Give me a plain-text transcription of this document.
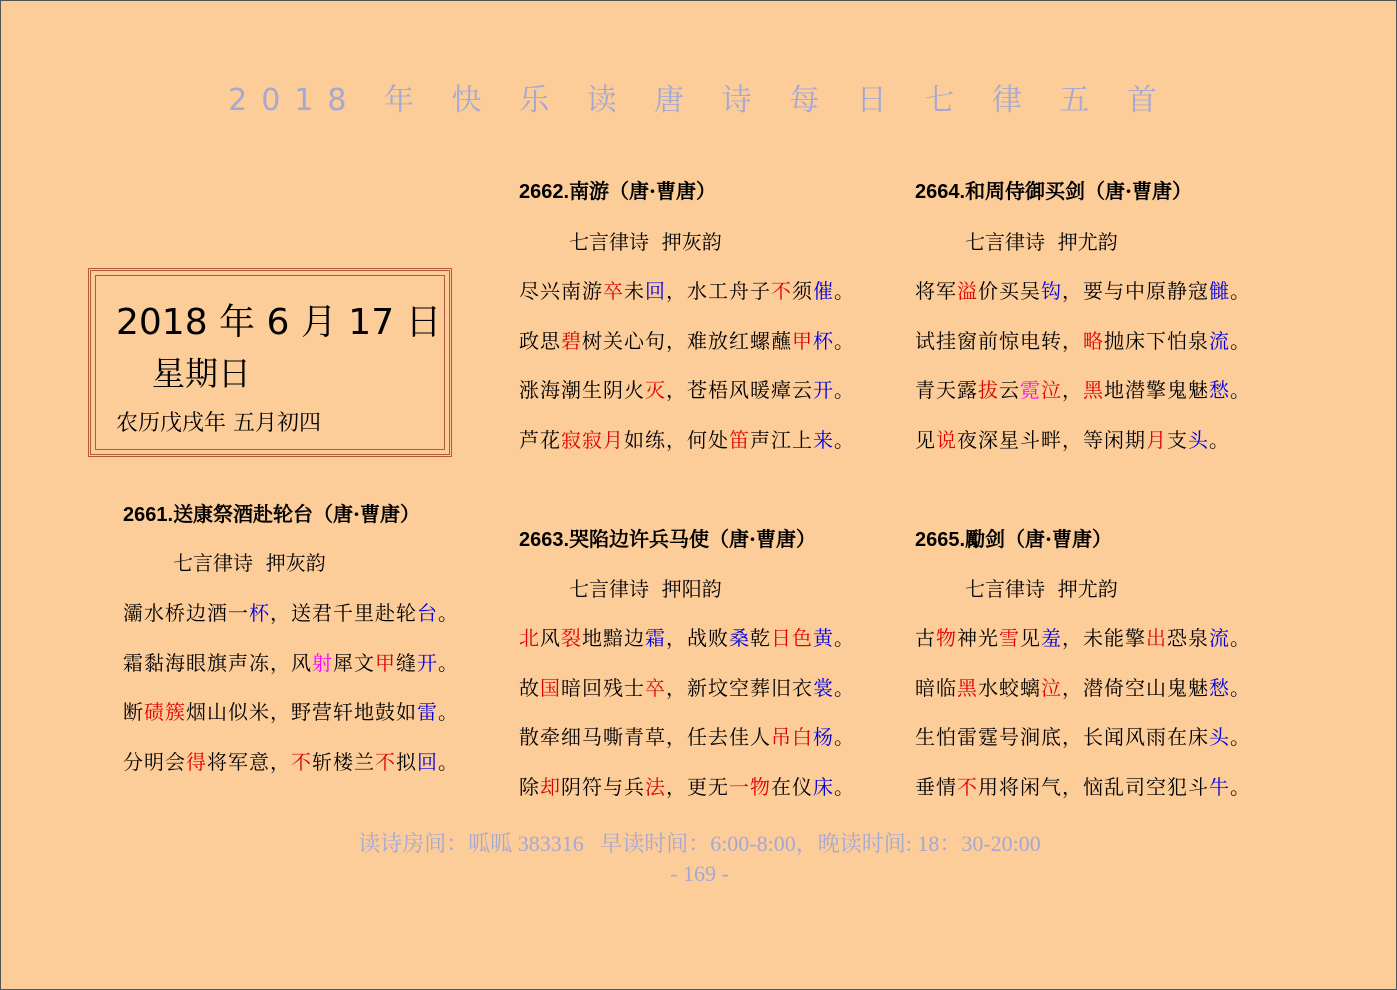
2018 年 快 乐 读 唐 诗 每 日 七 律 五 首
2018 年 6 月 17 日
星期日
农历戊戌年 五月初四
2661.送康祭酒赴轮台（唐·曹唐）
七言律诗  押灰韵
灞水桥边酒一杯，送君千里赴轮台。
霜黏海眼旗声冻，风射犀文甲缝开。
断碛簇烟山似米，野营轩地鼓如雷。
分明会得将军意，不斩楼兰不拟回。
2662.南游（唐·曹唐）
七言律诗  押灰韵
尽兴南游卒未回，水工舟子不须催。
政思碧树关心句，难放红螺蘸甲杯。
涨海潮生阴火灭，苍梧风暖瘴云开。
芦花寂寂月如练，何处笛声江上来。
2663.哭陷边许兵马使（唐·曹唐）
七言律诗  押阳韵
北风裂地黯边霜，战败桑乾日色黄。
故国暗回残士卒，新坟空葬旧衣裳。
散牵细马嘶青草，任去佳人吊白杨。
除却阴符与兵法，更无一物在仪床。
2664.和周侍御买剑（唐·曹唐）
七言律诗  押尤韵
将军溢价买吴钩，要与中原静寇雠。
试挂窗前惊电转，略抛床下怕泉流。
青天露拔云霓泣，黑地潜擎鬼魅愁。
见说夜深星斗畔，等闲期月支头。
2665.勵剑（唐·曹唐）
七言律诗  押尤韵
古物神光雪见羞，未能擎出恐泉流。
暗临黑水蛟螭泣，潜倚空山鬼魅愁。
生怕雷霆号涧底，长闻风雨在床头。
垂情不用将闲气，恼乱司空犯斗牛。
读诗房间：呱呱 383316   早读时间：6:00-8:00，晚读时间: 18：30-20:00
- 169 -
